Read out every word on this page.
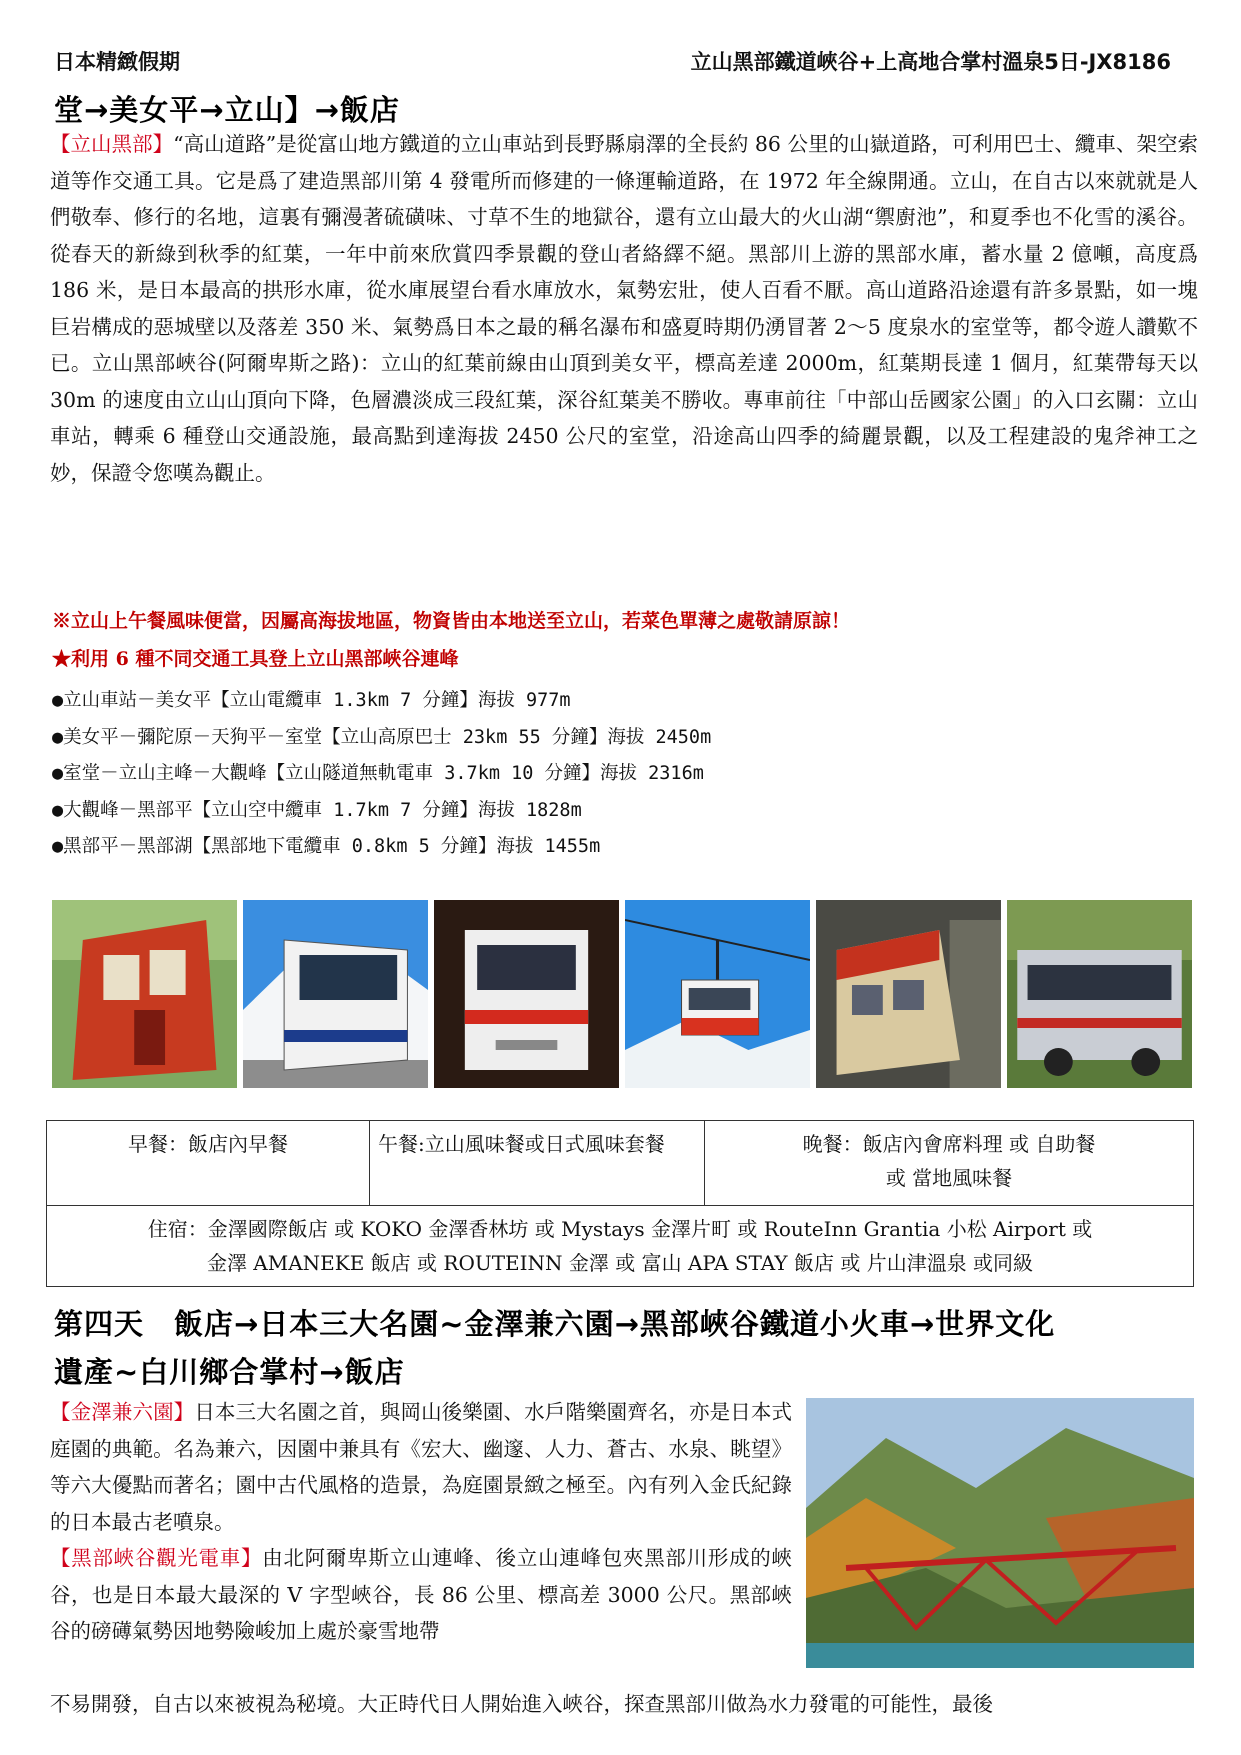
日本精緻假期	立山黑部鐵道峽谷+上高地合掌村溫泉5日-JX8186
堂→美女平→立山】→飯店
【立山黑部】“高山道路”是從富山地方鐵道的立山車站到長野縣扇澤的全長約 86 公里的山嶽道路，可利用巴士、纜車、架空索道等作交通工具。它是爲了建造黑部川第 4 發電所而修建的一條運輸道路，在 1972 年全線開通。立山，在自古以來就就是人們敬奉、修行的名地，這裏有彌漫著硫磺味、寸草不生的地獄谷，還有立山最大的火山湖“禦廚池”，和夏季也不化雪的溪谷。從春天的新綠到秋季的紅葉，一年中前來欣賞四季景觀的登山者絡繹不絕。黑部川上游的黑部水庫，蓄水量 2 億噸，高度爲 186 米，是日本最高的拱形水庫，從水庫展望台看水庫放水，氣勢宏壯，使人百看不厭。高山道路沿途還有許多景點，如一塊巨岩構成的惡城壁以及落差 350 米、氣勢爲日本之最的稱名瀑布和盛夏時期仍湧冒著 2～5 度泉水的室堂等，都令遊人讚歎不已。立山黑部峽谷(阿爾卑斯之路)：立山的紅葉前線由山頂到美女平，標高差達 2000m，紅葉期長達 1 個月，紅葉帶每天以 30m 的速度由立山山頂向下降，色層濃淡成三段紅葉，深谷紅葉美不勝收。專車前往「中部山岳國家公園」的入口玄關：立山車站，轉乘 6 種登山交通設施，最高點到達海拔 2450 公尺的室堂，沿途高山四季的綺麗景觀，以及工程建設的鬼斧神工之妙，保證令您嘆為觀止。
※立山上午餐風味便當，因屬高海拔地區，物資皆由本地送至立山，若菜色單薄之處敬請原諒！
★利用 6 種不同交通工具登上立山黑部峽谷連峰
●立山車站－美女平【立山電纜車 1.3km 7 分鐘】海拔 977m
●美女平－彌陀原－天狗平－室堂【立山高原巴士 23km 55 分鐘】海拔 2450m
●室堂－立山主峰－大觀峰【立山隧道無軌電車 3.7km 10 分鐘】海拔 2316m
●大觀峰－黑部平【立山空中纜車 1.7km 7 分鐘】海拔 1828m
●黑部平－黑部湖【黑部地下電纜車 0.8km 5 分鐘】海拔 1455m
早餐：飯店內早餐	午餐:立山風味餐或日式風味套餐	晚餐：飯店內會席料理 或 自助餐
或 當地風味餐

住宿：金澤國際飯店 或 KOKO 金澤香林坊 或 Mystays 金澤片町 或 RouteInn Grantia 小松 Airport 或
金澤 AMANEKE 飯店 或 ROUTEINN 金澤 或 富山 APA STAY 飯店 或 片山津溫泉 或同級
第四天　飯店→日本三大名園~金澤兼六園→黑部峽谷鐵道小火車→世界文化
遺產~白川鄉合掌村→飯店
【金澤兼六園】日本三大名園之首，與岡山後樂園、水戶階樂園齊名，亦是日本式庭園的典範。名為兼六，因園中兼具有《宏大、幽邃、人力、蒼古、水泉、眺望》等六大優點而著名；園中古代風格的造景，為庭園景緻之極至。內有列入金氏紀錄的日本最古老噴泉。
【黑部峽谷觀光電車】由北阿爾卑斯立山連峰、後立山連峰包夾黑部川形成的峽谷，也是日本最大最深的 V 字型峽谷，長 86 公里、標高差 3000 公尺。黑部峽谷的磅礡氣勢因地勢險峻加上處於豪雪地帶
不易開發，自古以來被視為秘境。大正時代日人開始進入峽谷，探查黑部川做為水力發電的可能性，最後
